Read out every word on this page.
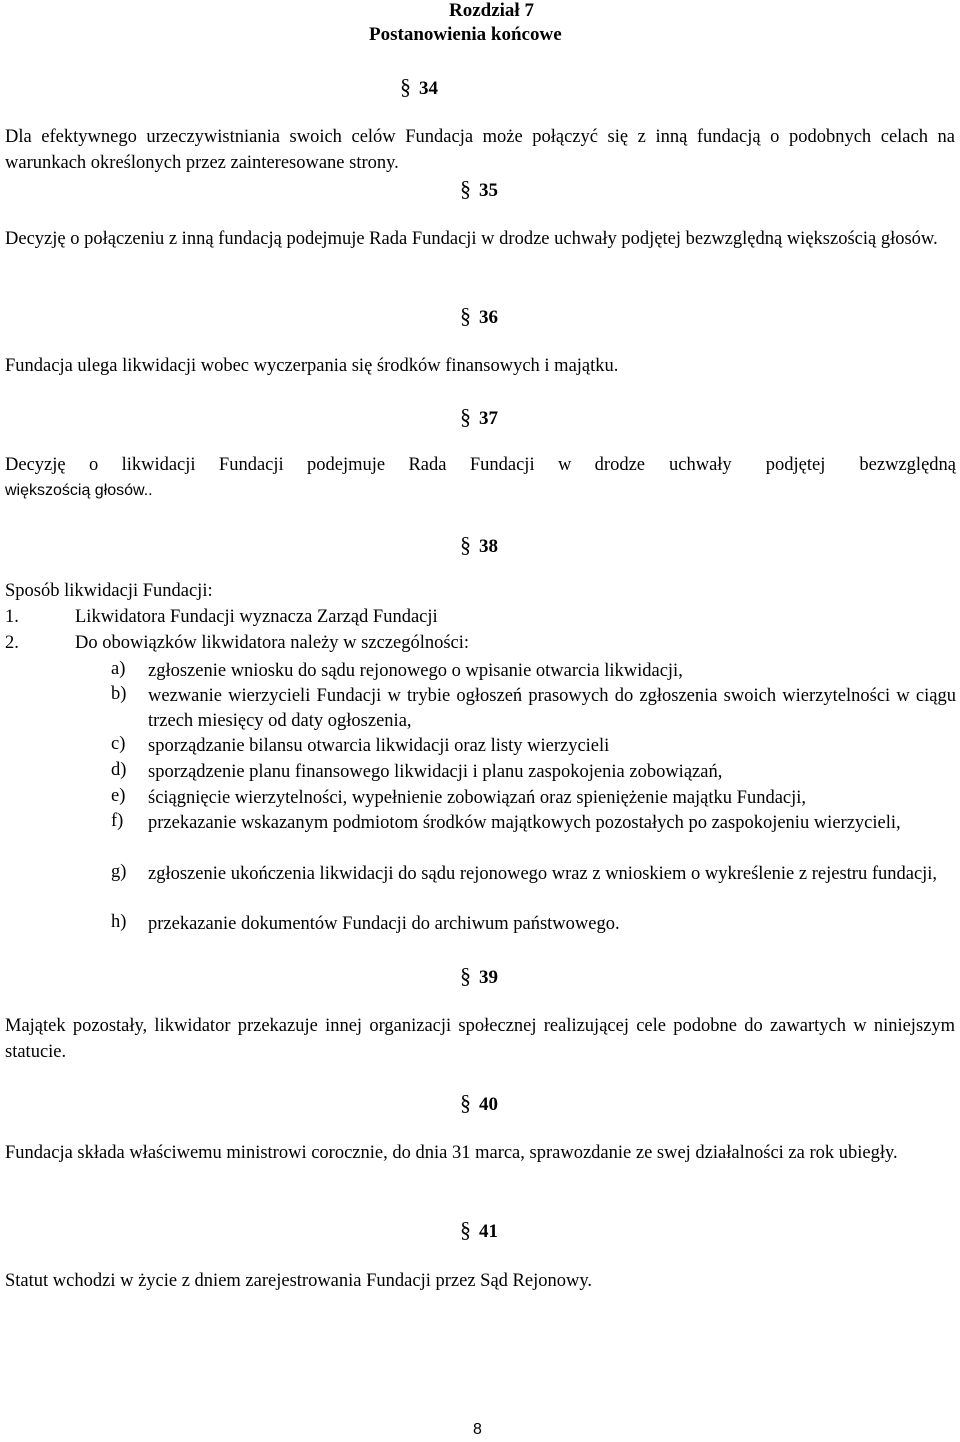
Rozdział 7
Postanowienia końcowe
§ 34
Dla efektywnego urzeczywistniania swoich celów Fundacja może połączyć się z inną fundacją o podobnych celach na warunkach określonych przez zainteresowane strony.
§ 35
Decyzję o połączeniu z inną fundacją podejmuje Rada Fundacji w drodze uchwały podjętej bezwzględną większością głosów.
§ 36
Fundacja ulega likwidacji wobec wyczerpania się środków finansowych i majątku.
§ 37
Decyzję o likwidacji Fundacji podejmuje Rada Fundacji w drodze uchwały podjętej bezwzględną
większością głosów..
§ 38
Sposób likwidacji Fundacji:
1.	Likwidatora Fundacji wyznacza Zarząd Fundacji
2.	Do obowiązków likwidatora należy w szczególności:
a) zgłoszenie wniosku do sądu rejonowego o wpisanie otwarcia likwidacji,
b) wezwanie wierzycieli Fundacji w trybie ogłoszeń prasowych do zgłoszenia swoich wierzytelności w ciągu trzech miesięcy od daty ogłoszenia,
c) sporządzanie bilansu otwarcia likwidacji oraz listy wierzycieli
d) sporządzenie planu finansowego likwidacji i planu zaspokojenia zobowiązań,
e) ściągnięcie wierzytelności, wypełnienie zobowiązań oraz spieniężenie majątku Fundacji,
f) przekazanie wskazanym podmiotom środków majątkowych pozostałych po zaspokojeniu wierzycieli,
g) zgłoszenie ukończenia likwidacji do sądu rejonowego wraz z wnioskiem o wykreślenie z rejestru fundacji,
h) przekazanie dokumentów Fundacji do archiwum państwowego.
§ 39
Majątek pozostały, likwidator przekazuje innej organizacji społecznej realizującej cele podobne do zawartych w niniejszym statucie.
§ 40
Fundacja składa właściwemu ministrowi corocznie, do dnia 31 marca, sprawozdanie ze swej działalności za rok ubiegły.
§ 41
Statut wchodzi w życie z dniem zarejestrowania Fundacji przez Sąd Rejonowy.
8
